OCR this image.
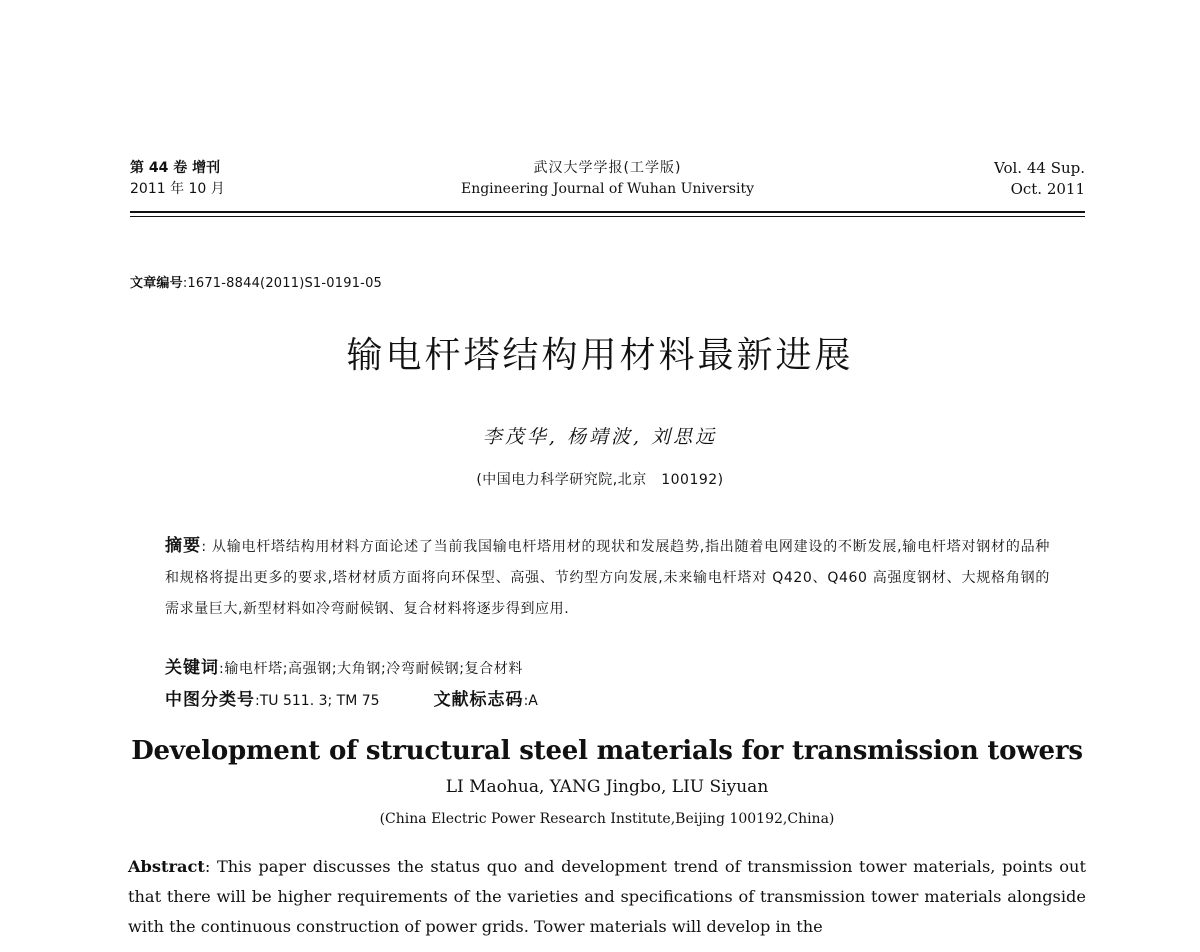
第 44 卷 增刊
2011 年 10 月
武汉大学学报(工学版)
Engineering Journal of Wuhan University
Vol. 44 Sup.
Oct. 2011
文章编号:1671-8844(2011)S1-0191-05
输电杆塔结构用材料最新进展
李茂华, 杨靖波, 刘思远
(中国电力科学研究院,北京　100192)
摘要: 从输电杆塔结构用材料方面论述了当前我国输电杆塔用材的现状和发展趋势,指出随着电网建设的不断发展,输电杆塔对钢材的品种和规格将提出更多的要求,塔材材质方面将向环保型、高强、节约型方向发展,未来输电杆塔对 Q420、Q460 高强度钢材、大规格角钢的需求量巨大,新型材料如冷弯耐候钢、复合材料将逐步得到应用.
关键词:输电杆塔;高强钢;大角钢;冷弯耐候钢;复合材料
中图分类号:TU 511. 3; TM 75	文献标志码:A
Development of structural steel materials for transmission towers
LI Maohua, YANG Jingbo, LIU Siyuan
(China Electric Power Research Institute,Beijing 100192,China)
Abstract: This paper discusses the status quo and development trend of transmission tower materials, points out that there will be higher requirements of the varieties and specifications of transmission tower materials alongside with the continuous construction of power grids. Tower materials will develop in the
